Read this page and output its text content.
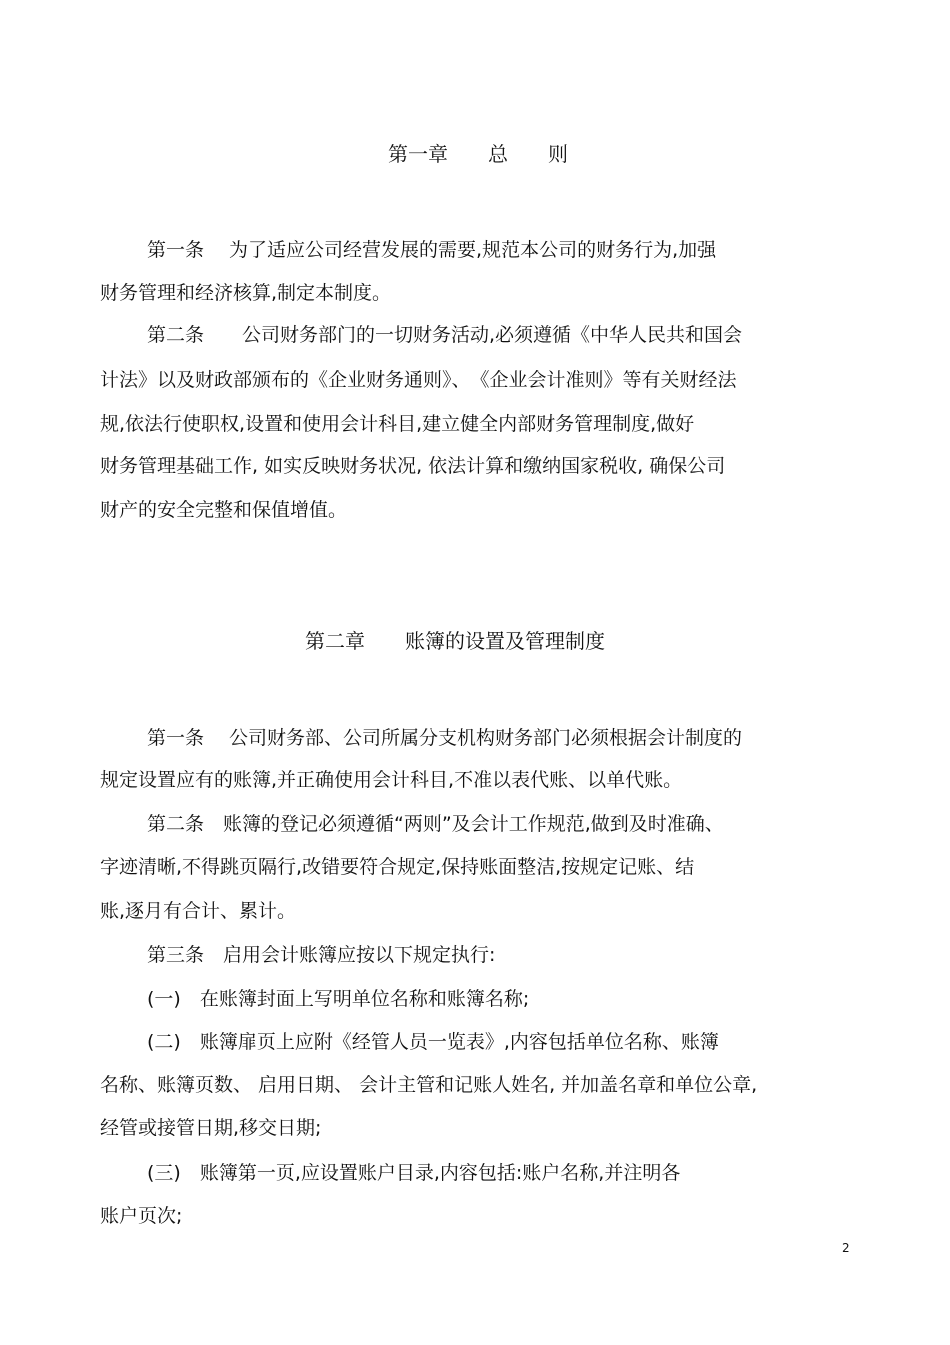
第一章　　总　　则
第一条　 为了适应公司经营发展的需要,规范本公司的财务行为,加强
财务管理和经济核算,制定本制度。
第二条　　公司财务部门的一切财务活动,必须遵循《中华人民共和国会
计法》以及财政部颁布的《企业财务通则》、　《企业会计准则》等有关财经法
规,依法行使职权,设置和使用会计科目,建立健全内部财务管理制度,做好
财务管理基础工作, 如实反映财务状况, 依法计算和缴纳国家税收, 确保公司
财产的安全完整和保值增值。
第二章　　账簿的设置及管理制度
第一条　 公司财务部、公司所属分支机构财务部门必须根据会计制度的
规定设置应有的账簿,并正确使用会计科目,不准以表代账、以单代账。
第二条　账簿的登记必须遵循“两则”及会计工作规范,做到及时准确、
字迹清晰,不得跳页隔行,改错要符合规定,保持账面整洁,按规定记账、结
账,逐月有合计、累计。
第三条　启用会计账簿应按以下规定执行:
(一)　在账簿封面上写明单位名称和账簿名称;
(二)　账簿扉页上应附《经管人员一览表》,内容包括单位名称、账簿
名称、账簿页数、 启用日期、 会计主管和记账人姓名, 并加盖名章和单位公章,
经管或接管日期,移交日期;
(三)　账簿第一页,应设置账户目录,内容包括:账户名称,并注明各
账户页次;
2
